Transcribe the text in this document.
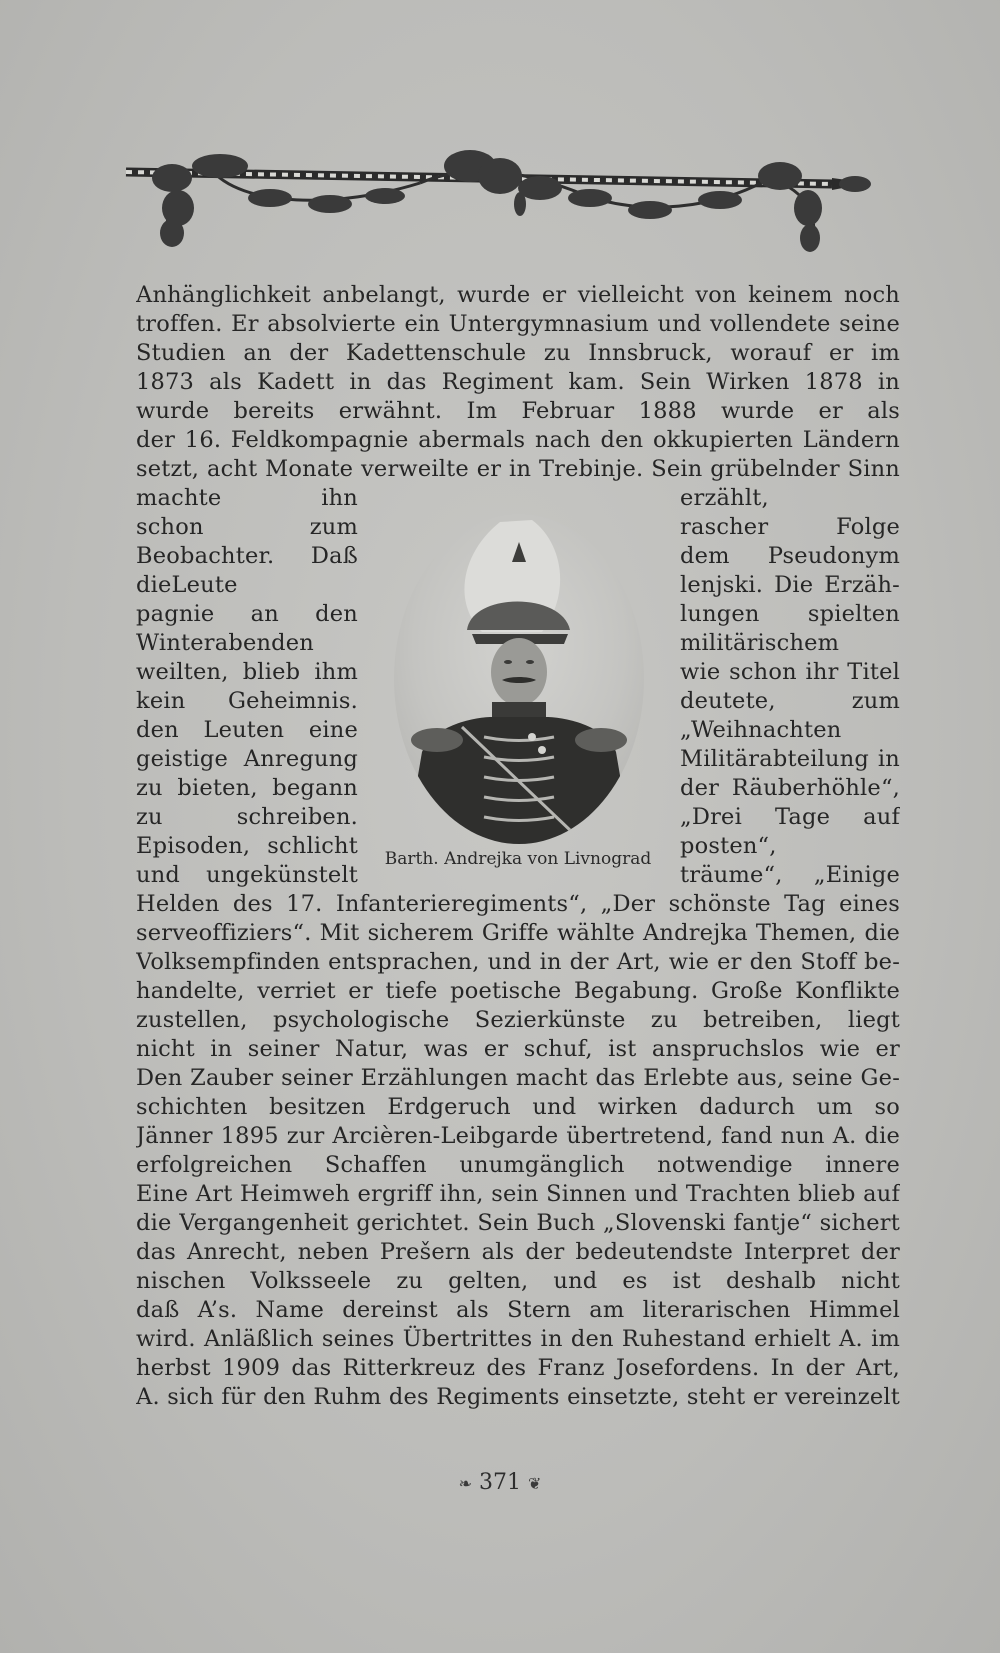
Anhänglichkeit anbelangt, wurde er vielleicht von keinem noch
troffen. Er absolvierte ein Untergymnasium und vollendete seine
Studien an der Kadettenschule zu Innsbruck, worauf er im
1873 als Kadett in das Regiment kam. Sein Wirken 1878 in
wurde bereits erwähnt. Im Februar 1888 wurde er als
der 16. Feldkompagnie abermals nach den okkupierten Ländern
setzt, acht Monate verweilte er in Trebinje. Sein grübelnder Sinn
machte ihn
schon zum
Beobachter. Daß
dieLeute
pagnie an den
Winterabenden
weilten, blieb ihm
kein Geheimnis.
den Leuten eine
geistige Anregung
zu bieten, begann
zu schreiben.
Episoden, schlicht
und ungekünstelt
erzählt,
rascher Folge
dem Pseudonym
lenjski. Die Erzäh-
lungen spielten
militärischem
wie schon ihr Titel
deutete, zum
„Weihnachten
Militärabteilung in
der Räuberhöhle“,
„Drei Tage auf
posten“,
träume“, „Einige
Barth. Andrejka von Livnograd
Helden des 17. Infanterieregiments“, „Der schönste Tag eines
serveoffiziers“. Mit sicherem Griffe wählte Andrejka Themen, die
Volksempfinden entsprachen, und in der Art, wie er den Stoff be-
handelte, verriet er tiefe poetische Begabung. Große Konflikte
zustellen, psychologische Sezierkünste zu betreiben, liegt
nicht in seiner Natur, was er schuf, ist anspruchslos wie er
Den Zauber seiner Erzählungen macht das Erlebte aus, seine Ge-
schichten besitzen Erdgeruch und wirken dadurch um so
Jänner 1895 zur Arcièren-Leibgarde übertretend, fand nun A. die
erfolgreichen Schaffen unumgänglich notwendige innere
Eine Art Heimweh ergriff ihn, sein Sinnen und Trachten blieb auf
die Vergangenheit gerichtet. Sein Buch „Slovenski fantje“ sichert
das Anrecht, neben Prešern als der bedeutendste Interpret der
nischen Volksseele zu gelten, und es ist deshalb nicht
daß A’s. Name dereinst als Stern am literarischen Himmel
wird. Anläßlich seines Übertrittes in den Ruhestand erhielt A. im
herbst 1909 das Ritterkreuz des Franz Josefordens. In der Art,
A. sich für den Ruhm des Regiments einsetzte, steht er vereinzelt
❧ 371 ❦
